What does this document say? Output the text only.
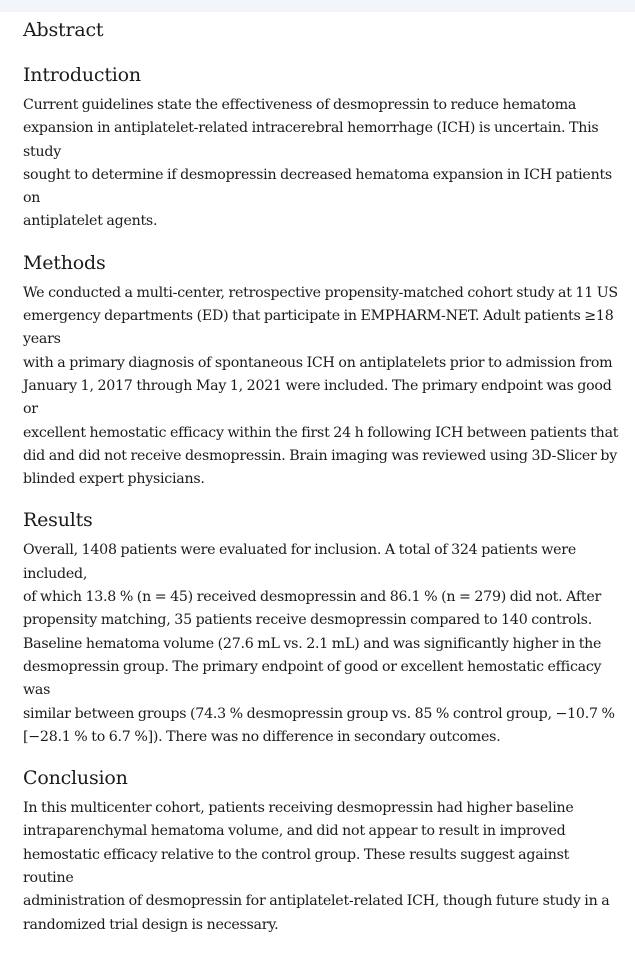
Abstract
Introduction

Current guidelines state the effectiveness of desmopressin to reduce hematoma
expansion in antiplatelet-related intracerebral hemorrhage (ICH) is uncertain. This study
sought to determine if desmopressin decreased hematoma expansion in ICH patients on
antiplatelet agents.

Methods

We conducted a multi-center, retrospective propensity-matched cohort study at 11 US
emergency departments (ED) that participate in EMPHARM-NET. Adult patients ≥18 years
with a primary diagnosis of spontaneous ICH on antiplatelets prior to admission from
January 1, 2017 through May 1, 2021 were included. The primary endpoint was good or
excellent hemostatic efficacy within the first 24 h following ICH between patients that
did and did not receive desmopressin. Brain imaging was reviewed using 3D-Slicer by
blinded expert physicians.

Results

Overall, 1408 patients were evaluated for inclusion. A total of 324 patients were included,
of which 13.8 % (n = 45) received desmopressin and 86.1 % (n = 279) did not. After
propensity matching, 35 patients receive desmopressin compared to 140 controls.
Baseline hematoma volume (27.6 mL vs. 2.1 mL) and was significantly higher in the
desmopressin group. The primary endpoint of good or excellent hemostatic efficacy was
similar between groups (74.3 % desmopressin group vs. 85 % control group, −10.7 %
[−28.1 % to 6.7 %]). There was no difference in secondary outcomes.

Conclusion

In this multicenter cohort, patients receiving desmopressin had higher baseline
intraparenchymal hematoma volume, and did not appear to result in improved
hemostatic efficacy relative to the control group. These results suggest against routine
administration of desmopressin for antiplatelet-related ICH, though future study in a
randomized trial design is necessary.
